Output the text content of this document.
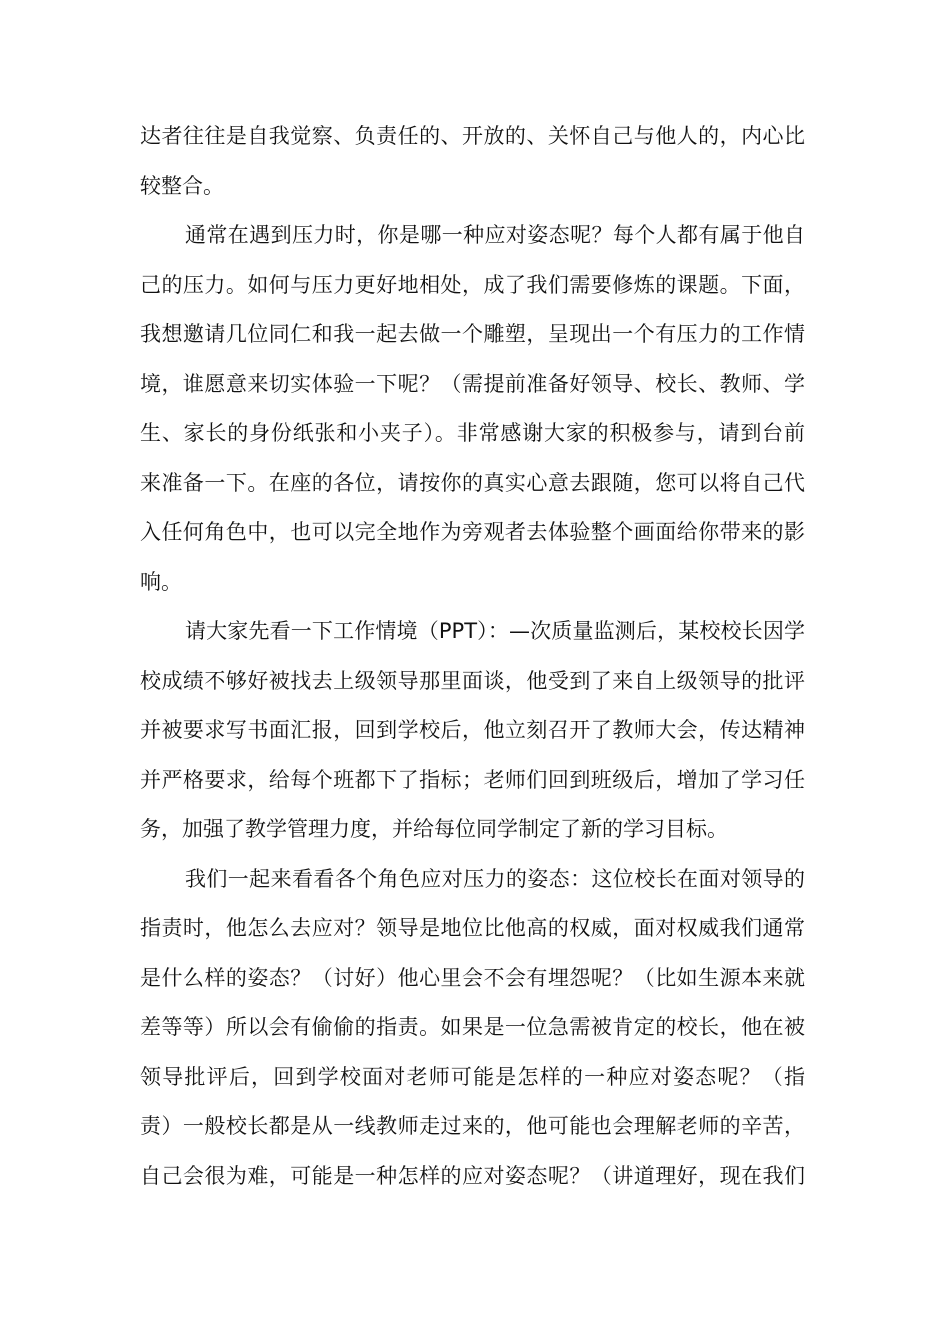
达者往往是自我觉察、负责任的、开放的、关怀自己与他人的，内心比
较整合。
通常在遇到压力时，你是哪一种应对姿态呢？每个人都有属于他自
己的压力。如何与压力更好地相处，成了我们需要修炼的课题。下面，
我想邀请几位同仁和我一起去做一个雕塑，呈现出一个有压力的工作情
境，谁愿意来切实体验一下呢？（需提前准备好领导、校长、教师、学
生、家长的身份纸张和小夹子）。非常感谢大家的积极参与，请到台前
来准备一下。在座的各位，请按你的真实心意去跟随，您可以将自己代
入任何角色中，也可以完全地作为旁观者去体验整个画面给你带来的影
响。
请大家先看一下工作情境（PPT）：—次质量监测后，某校校长因学
校成绩不够好被找去上级领导那里面谈，他受到了来自上级领导的批评
并被要求写书面汇报，回到学校后，他立刻召开了教师大会，传达精神
并严格要求，给每个班都下了指标；老师们回到班级后，增加了学习任
务，加强了教学管理力度，并给每位同学制定了新的学习目标。
我们一起来看看各个角色应对压力的姿态：这位校长在面对领导的
指责时，他怎么去应对？领导是地位比他高的权威，面对权威我们通常
是什么样的姿态？（讨好）他心里会不会有埋怨呢？（比如生源本来就
差等等）所以会有偷偷的指责。如果是一位急需被肯定的校长，他在被
领导批评后，回到学校面对老师可能是怎样的一种应对姿态呢？（指
责）一般校长都是从一线教师走过来的，他可能也会理解老师的辛苦，
自己会很为难，可能是一种怎样的应对姿态呢？（讲道理好，现在我们
